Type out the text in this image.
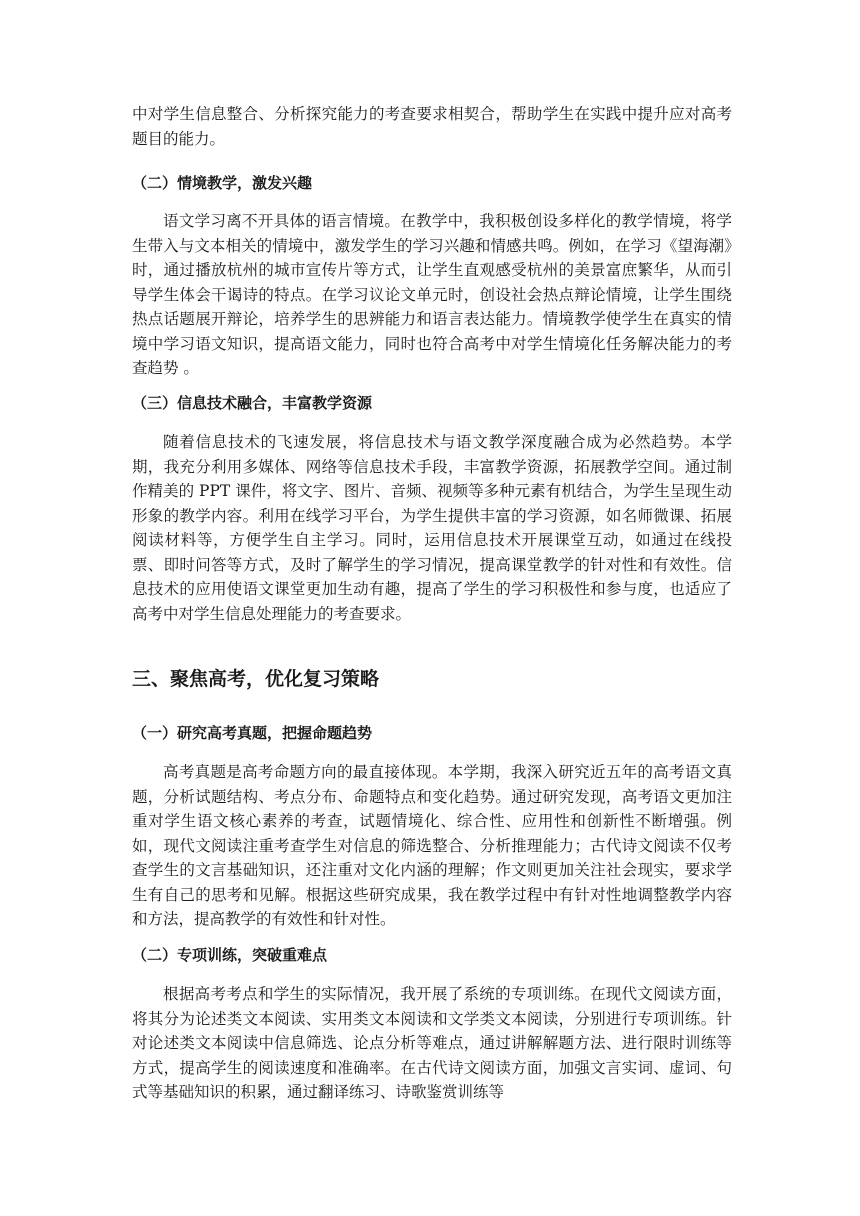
中对学生信息整合、分析探究能力的考查要求相契合，帮助学生在实践中提升应对高考题目的能力。

（二）情境教学，激发兴趣

语文学习离不开具体的语言情境。在教学中，我积极创设多样化的教学情境，将学生带入与文本相关的情境中，激发学生的学习兴趣和情感共鸣。例如，在学习《望海潮》时，通过播放杭州的城市宣传片等方式，让学生直观感受杭州的美景富庶繁华，从而引导学生体会干谒诗的特点。在学习议论文单元时，创设社会热点辩论情境，让学生围绕热点话题展开辩论，培养学生的思辨能力和语言表达能力。情境教学使学生在真实的情境中学习语文知识，提高语文能力，同时也符合高考中对学生情境化任务解决能力的考查趋势 。

（三）信息技术融合，丰富教学资源

随着信息技术的飞速发展，将信息技术与语文教学深度融合成为必然趋势。本学期，我充分利用多媒体、网络等信息技术手段，丰富教学资源，拓展教学空间。通过制作精美的 PPT 课件，将文字、图片、音频、视频等多种元素有机结合，为学生呈现生动形象的教学内容。利用在线学习平台，为学生提供丰富的学习资源，如名师微课、拓展阅读材料等，方便学生自主学习。同时，运用信息技术开展课堂互动，如通过在线投票、即时问答等方式，及时了解学生的学习情况，提高课堂教学的针对性和有效性。信息技术的应用使语文课堂更加生动有趣，提高了学生的学习积极性和参与度，也适应了高考中对学生信息处理能力的考查要求。

三、聚焦高考，优化复习策略
（一）研究高考真题，把握命题趋势

高考真题是高考命题方向的最直接体现。本学期，我深入研究近五年的高考语文真题，分析试题结构、考点分布、命题特点和变化趋势。通过研究发现，高考语文更加注重对学生语文核心素养的考查，试题情境化、综合性、应用性和创新性不断增强。例如，现代文阅读注重考查学生对信息的筛选整合、分析推理能力；古代诗文阅读不仅考查学生的文言基础知识，还注重对文化内涵的理解；作文则更加关注社会现实，要求学生有自己的思考和见解。根据这些研究成果，我在教学过程中有针对性地调整教学内容和方法，提高教学的有效性和针对性。

（二）专项训练，突破重难点

根据高考考点和学生的实际情况，我开展了系统的专项训练。在现代文阅读方面，将其分为论述类文本阅读、实用类文本阅读和文学类文本阅读，分别进行专项训练。针对论述类文本阅读中信息筛选、论点分析等难点，通过讲解解题方法、进行限时训练等方式，提高学生的阅读速度和准确率。在古代诗文阅读方面，加强文言实词、虚词、句式等基础知识的积累，通过翻译练习、诗歌鉴赏训练等
